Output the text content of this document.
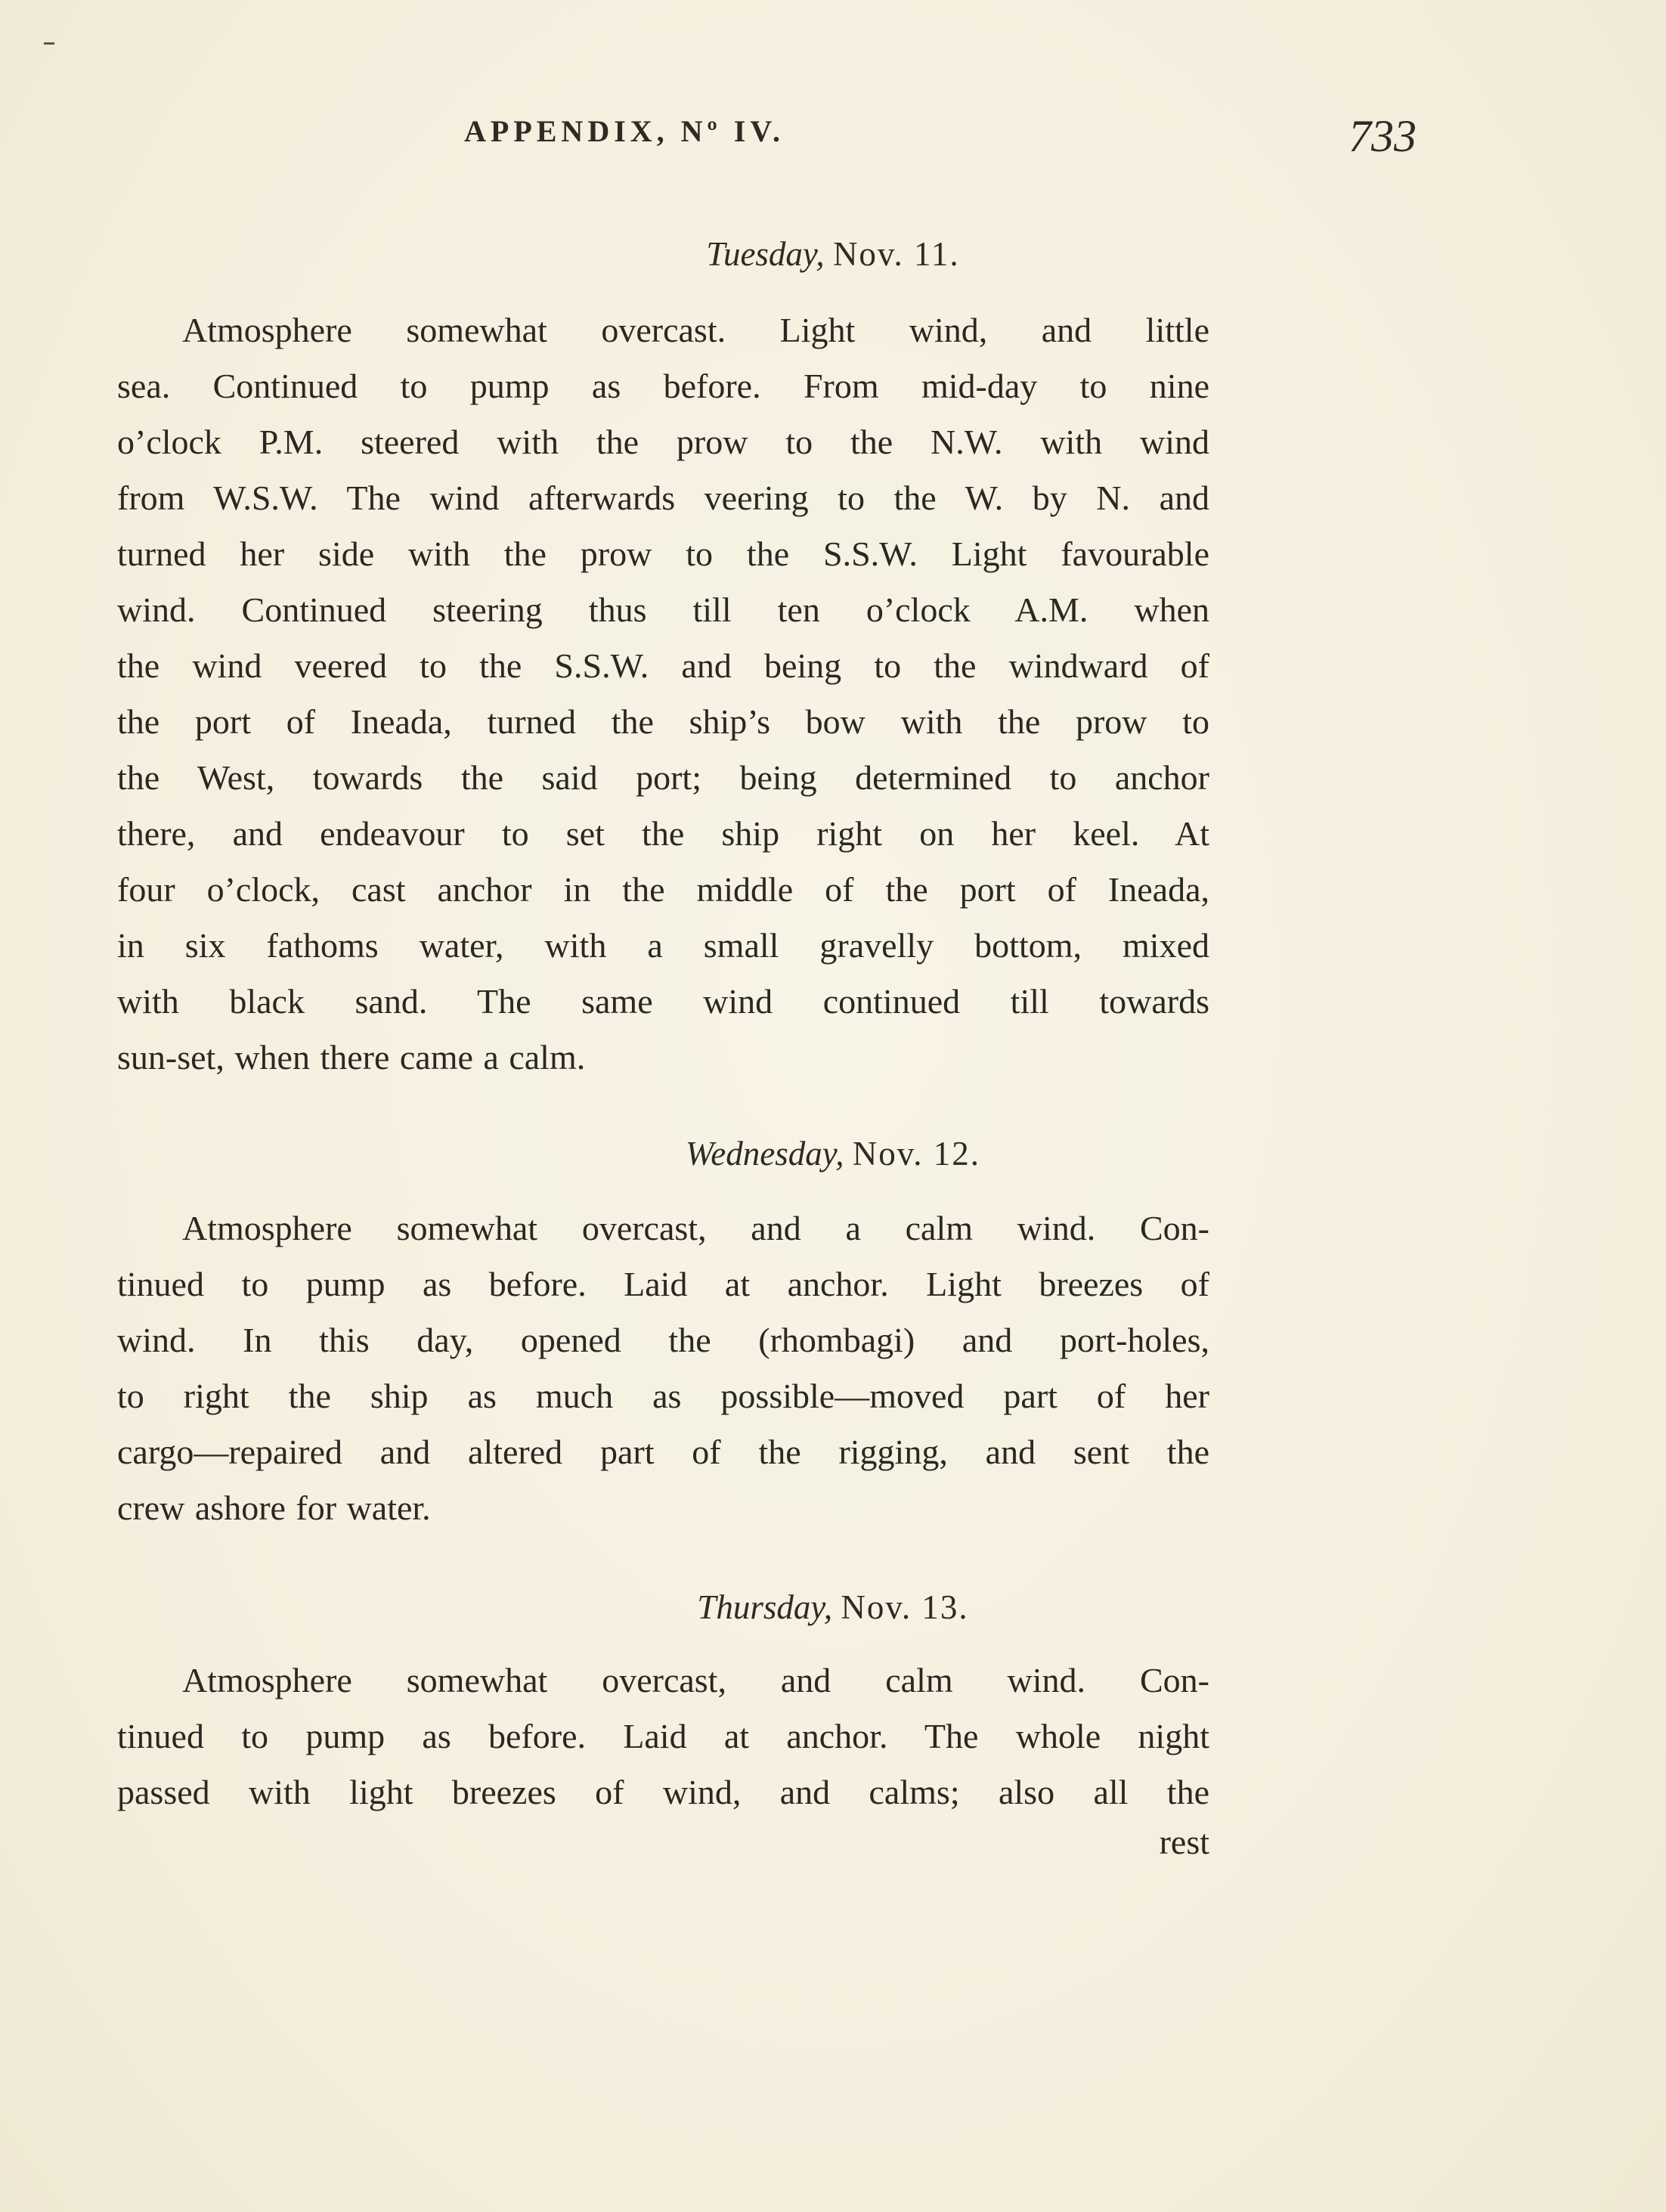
APPENDIX, Nº IV.	733
Tuesday, Nov. 11.
Atmosphere somewhat overcast. Light wind, and little
sea. Continued to pump as before. From mid-day to nine
o’clock P.M. steered with the prow to the N.W. with wind
from W.S.W. The wind afterwards veering to the W. by N. and
turned her side with the prow to the S.S.W. Light favourable
wind. Continued steering thus till ten o’clock A.M. when
the wind veered to the S.S.W. and being to the windward of
the port of Ineada, turned the ship’s bow with the prow to
the West, towards the said port; being determined to anchor
there, and endeavour to set the ship right on her keel. At
four o’clock, cast anchor in the middle of the port of Ineada,
in six fathoms water, with a small gravelly bottom, mixed
with black sand. The same wind continued till towards
sun-set, when there came a calm.
Wednesday, Nov. 12.
Atmosphere somewhat overcast, and a calm wind. Con-
tinued to pump as before. Laid at anchor. Light breezes of
wind. In this day, opened the (rhombagi) and port-holes,
to right the ship as much as possible—moved part of her
cargo—repaired and altered part of the rigging, and sent the
crew ashore for water.
Thursday, Nov. 13.
Atmosphere somewhat overcast, and calm wind. Con-
tinued to pump as before. Laid at anchor. The whole night
passed with light breezes of wind, and calms; also all the
rest
